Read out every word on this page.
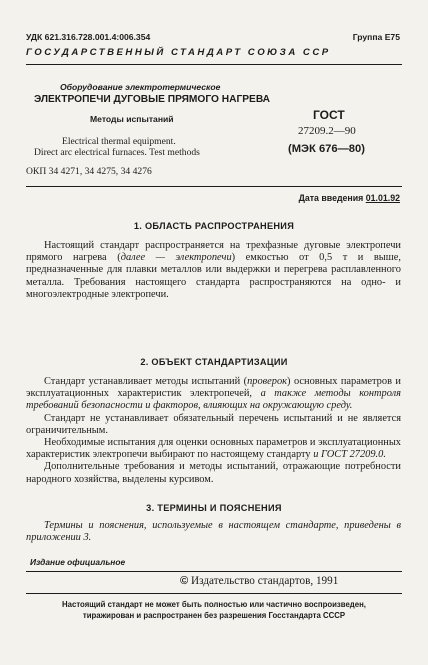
УДК 621.316.728.001.4:006.354	Группа Е75
ГОСУДАРСТВЕННЫЙ СТАНДАРТ СОЮЗА ССР
Оборудование электротермическое
ЭЛЕКТРОПЕЧИ ДУГОВЫЕ ПРЯМОГО НАГРЕВА
Методы испытаний
Electrical thermal equipment.
Direct arc electrical furnaces. Test methods
ГОСТ
27209.2—90
(МЭК 676—80)
ОКП 34 4271, 34 4275, 34 4276
Дата введения 01.01.92
1. ОБЛАСТЬ РАСПРОСТРАНЕНИЯ

Настоящий стандарт распространяется на трехфазные дуговые электропечи прямого нагрева (далее — электропечи) емкостью от 0,5 т и выше, предназначенные для плавки металлов или выдержки и перегрева расплавленного металла. Требования настоящего стандарта распространяются на одно- и многоэлектродные электропечи.

2. ОБЪЕКТ СТАНДАРТИЗАЦИИ

Стандарт устанавливает методы испытаний (проверок) основных параметров и эксплуатационных характеристик электропечей, а также методы контроля требований безопасности и факторов, влияющих на окружающую среду.

Стандарт не устанавливает обязательный перечень испытаний и не является ограничительным.

Необходимые испытания для оценки основных параметров и эксплуатационных характеристик электропечи выбирают по настоящему стандарту и ГОСТ 27209.0.

Дополнительные требования и методы испытаний, отражающие потребности народного хозяйства, выделены курсивом.

3. ТЕРМИНЫ И ПОЯСНЕНИЯ

Термины и пояснения, используемые в настоящем стандарте, приведены в приложении 3.

Издание официальное
© Издательство стандартов, 1991
Настоящий стандарт не может быть полностью или частично воспроизведен,
тиражирован и распространен без разрешения Госстандарта СССР
